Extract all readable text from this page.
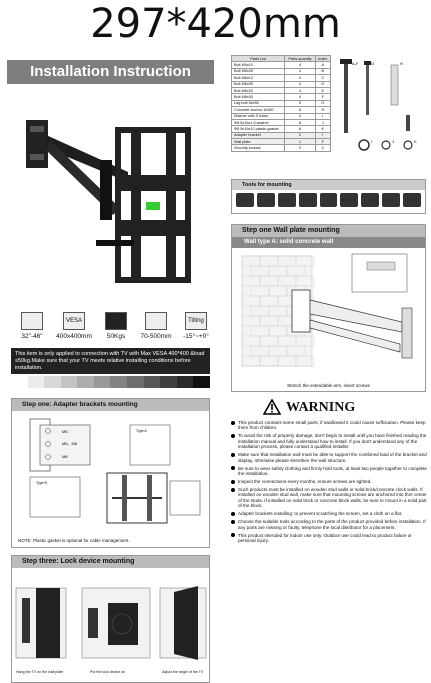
297*420mm
Installation Instruction
32"-46"
VESA
400x400mm	50Kgs	70-500mm
Tilting
-15°~+0°
This item is only applied to connection with TV with Max VESA 400*400 &load ≤50kg.Make sure that your TV meets relative installing conditions before installation.
Step one: Adapter brackets mounting
M5
M5、M6
M8
Type A
Type B
NOTE: Plastic gasket is optional for cable management.
Step three: Lock device mounting
Hang the TV on the wall plate	Put the lock device on	Adjust the angle of the TV
Parts List	Parts quantity	Index
Bolt M5x10	4	A
Bolt M5x30	4	B
Bolt M6x12	4	C
Bolt M6x30	4	D
Bolt M8x20	4	E
Bolt M8x30	4	F
Lag bolt 5#x50	5	G
Concrete anchor 10x50	6	H
Washer with 3 holes	4	I
Φ8.5x16x1.5 washer	8	J
Φ6.5x16x10 plastic gasket	6	K
Adapter bracket	2	I
Wall plate	1	F
Security screws	2	X
A-F	G	H
I	J	K
Tools for mounting
Step one Wall plate mounting
Wall type A: solid concrete wall
Stretch the extendable arm, insert screws
WARNING
This product contains some small parts, if swallowed it could cause suffocation. Please keep them from children.
To avoid the risk of property damage, don't begin to install until you have finished reading the installation manual and fully understand how to install. If you don't understand any of the installation process, please contact a qualified installer.
Make sure that installation wall must be able to support the combined load of the bracket and display, otherwise please strenthen the wall structure.
Be sure to wear safety clothing and firmly hold tools, at least two people together to complete the installation.
Inspect the connections every months, ensure screws are tighted.
Such products must be installed on wooden stud walls or solid brick/concrete clock walls. If installed on wooden stud wall, make sure that mounting screws are anchored into thre center of the studs. If installed on solid brick or concrete block walls, be sure to mount in a solid part of the block.
Adapter brackets installing: to prevent scratching the screen, set a cloth on a flat.
Choose the suitable tools according to the parts of the product provided before installation. If any parts are missing or faulty, telephone the local distributor for a placement.
This product intended for indoor use only. Outdoor use could lead to product failure or personal injury.
